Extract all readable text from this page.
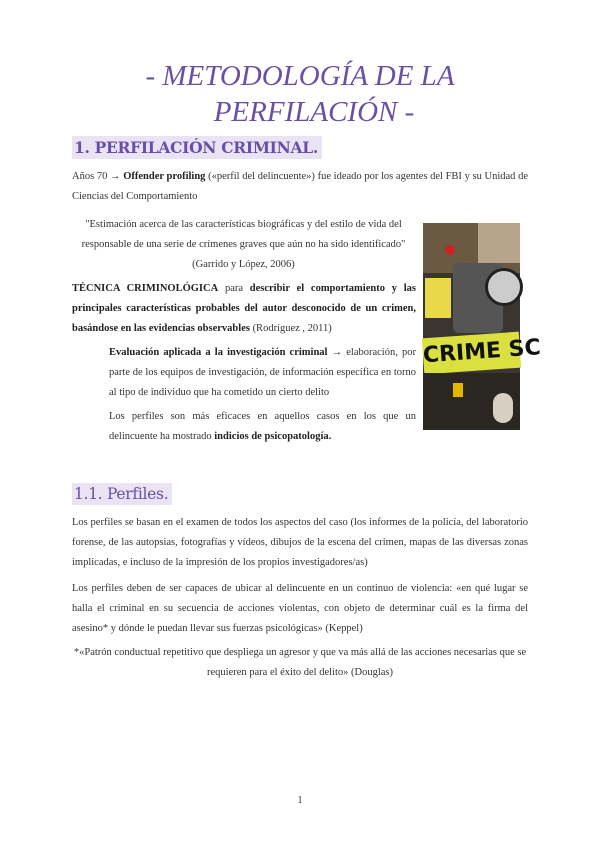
- METODOLOGÍA DE LA
PERFILACIÓN -
1. PERFILACIÓN CRIMINAL.

Años 70 → Offender profiling («perfil del delincuente») fue ideado por los agentes del FBI y su Unidad de Ciencias del Comportamiento

"Estimación acerca de las características biográficas y del estilo de vida del responsable de una serie de crímenes graves que aún no ha sido identificado" (Garrido y López, 2006)

TÉCNICA CRIMINOLÓGICA para describir el comportamiento y las principales características probables del autor desconocido de un crimen, basándose en las evidencias observables (Rodríguez , 2011)

Evaluación aplicada a la investigación criminal → elaboración, por parte de los equipos de investigación, de información específica en torno al tipo de individuo que ha cometido un cierto delito

Los perfiles son más eficaces en aquellos casos en los que un delincuente ha mostrado indicios de psicopatología.

1.1. Perfiles.

Los perfiles se basan en el examen de todos los aspectos del caso (los informes de la policía, del laboratorio forense, de las autopsias, fotografías y vídeos, dibujos de la escena del crimen, mapas de las diversas zonas implicadas, e incluso de la impresión de los propios investigadores/as)

Los perfiles deben de ser capaces de ubicar al delincuente en un continuo de violencia: «en qué lugar se halla el criminal en su secuencia de acciones violentas, con objeto de determinar cuál es la firma del asesino* y dónde le puedan llevar sus fuerzas psicológicas» (Keppel)

*«Patrón conductual repetitivo que despliega un agresor y que va más allá de las acciones necesarias que se requieren para el éxito del delito» (Douglas)

CRIME SC
1
